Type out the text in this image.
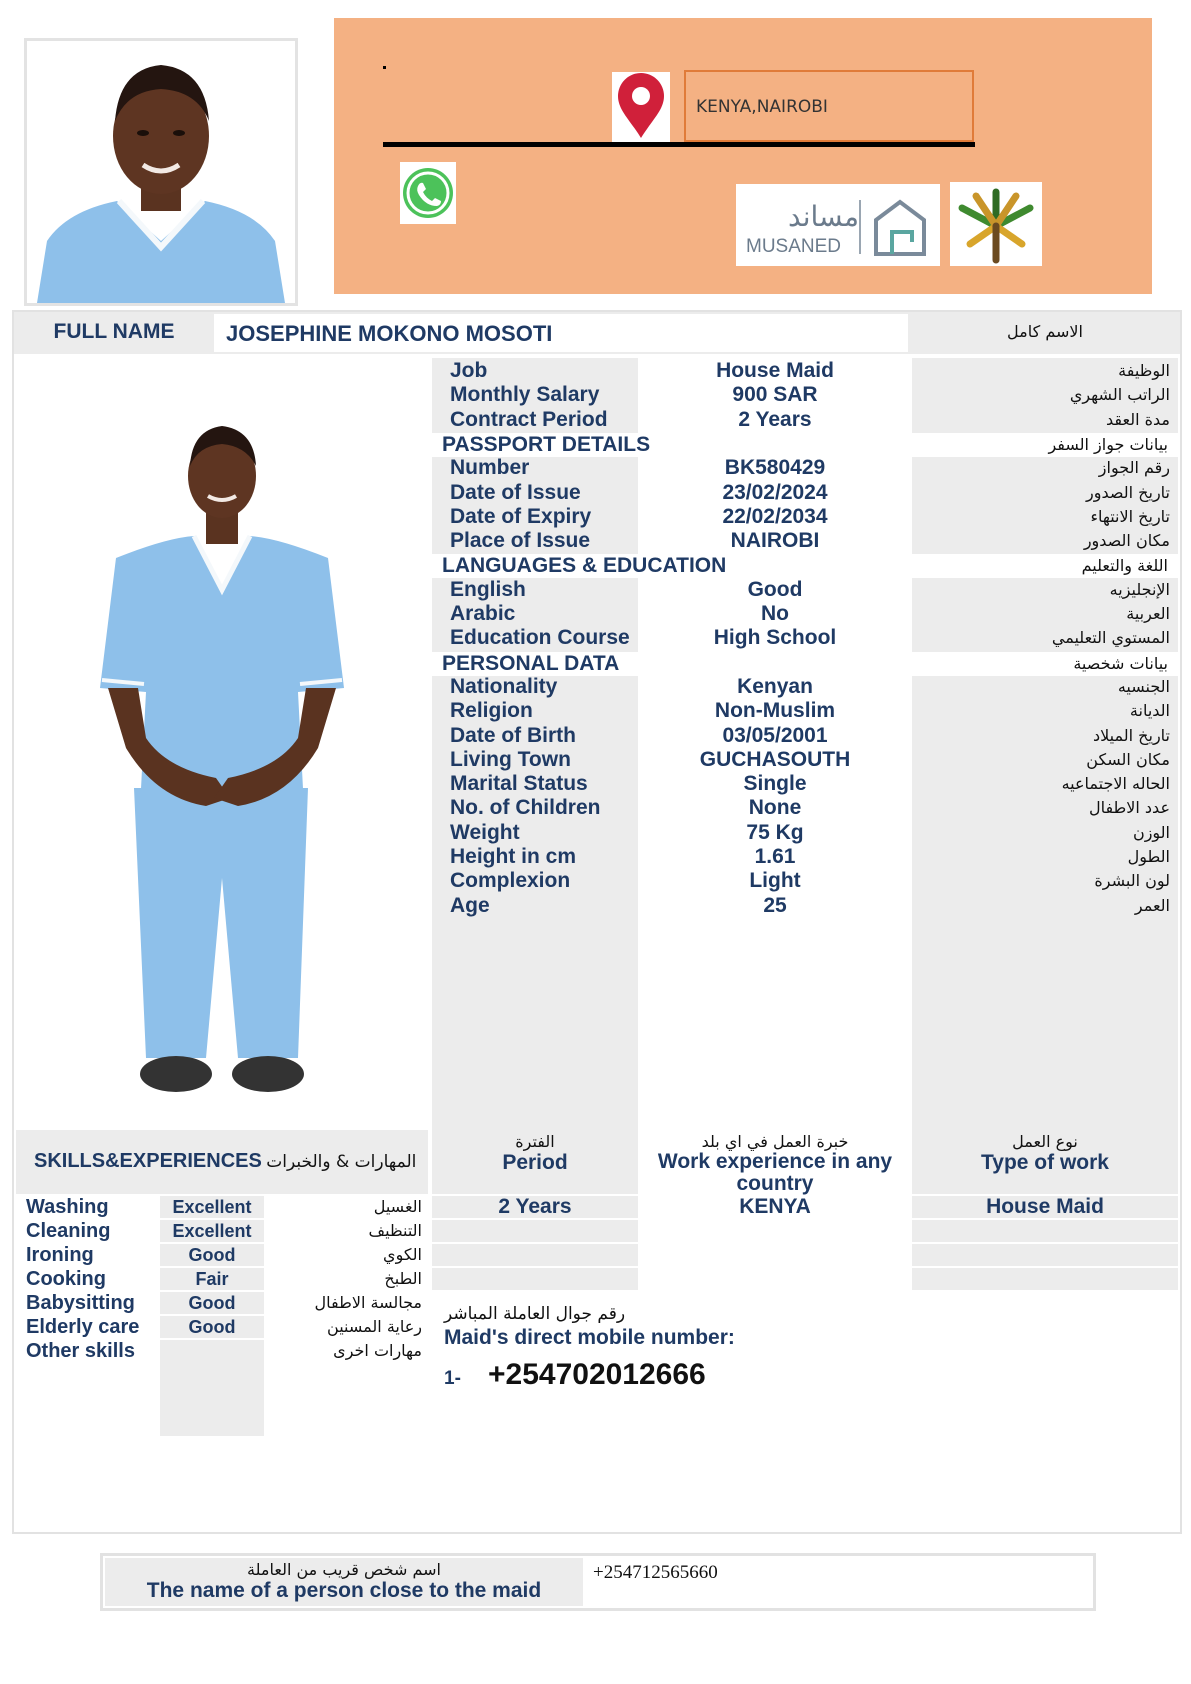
KENYA,NAIROBI
مساند
MUSANED
FULL NAME	JOSEPHINE MOKONO MOSOTI	الاسم كامل
SKILLS&EXPERIENCES المهارات & والخبرات
الفترة
Period
خبرة العمل في اي بلد
Work experience in any country
نوع العمل
Type of work
رقم جوال العاملة المباشر
Maid's direct mobile number:
1- +254702012666
Job	House Maid	الوظيفة
Monthly Salary	900 SAR	الراتب الشهري
Contract Period	2 Years	مدة العقد
PASSPORT DETAILS	بيانات جواز السفر
Number	BK580429	رقم الجواز
Date of Issue	23/02/2024	تاريخ الصدور
Date of Expiry	22/02/2034	تاريخ الانتهاء
Place of Issue	NAIROBI	مكان الصدور
LANGUAGES & EDUCATION	اللغة والتعليم
English	Good	الإنجليزيه
Arabic	No	العربية
Education Course	High School	المستوي التعليمي
PERSONAL DATA	بيانات شخصية
Nationality	Kenyan	الجنسيه
Religion	Non-Muslim	الديانة
Date of Birth	03/05/2001	تاريخ الميلاد
Living Town	GUCHASOUTH	مكان السكن
Marital Status	Single	الحاله الاجتماعيه
No. of Children	None	عدد الاطفال
Weight	75 Kg	الوزن
Height in cm	1.61	الطول
Complexion	Light	لون البشرة
Age	25	العمر
Washing	Excellent	الغسيل
Cleaning	Excellent	التنظيف
Ironing	Good	الكوي
Cooking	Fair	الطبخ
Babysitting	Good	مجالسة الاطفال
Elderly care	Good	رعاية المسنين
Other skills	مهارات اخرى
2 Years	KENYA	House Maid
اسم شخص قريب من العاملة
The name of a person close to the maid
+254712565660
